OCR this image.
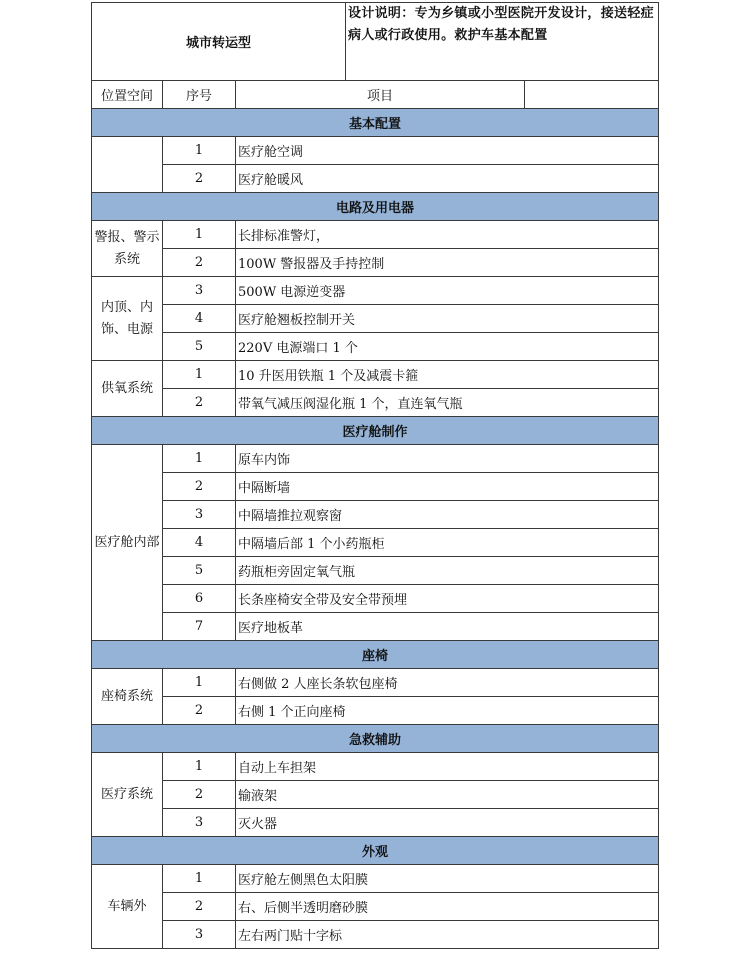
城市转运型			设计说明：专为乡镇或小型医院开发设计，接送轻症病人或行政使用。救护车基本配置	
位置空间	序号	项目		
基本配置				
	1	医疗舱空调		
	2	医疗舱暖风		
电路及用电器				
警报、警示系统	1	长排标准警灯，		
	2	100W 警报器及手持控制		
内顶、内饰、电源	3	500W 电源逆变器		
	4	医疗舱翘板控制开关		
	5	220V 电源端口 1 个		
供氧系统	1	10 升医用铁瓶 1 个及减震卡箍		
	2	带氧气减压阀湿化瓶 1 个，直连氧气瓶		
医疗舱制作				
医疗舱内部	1	原车内饰		
	2	中隔断墙		
	3	中隔墙推拉观察窗		
	4	中隔墙后部 1 个小药瓶柜		
	5	药瓶柜旁固定氧气瓶		
	6	长条座椅安全带及安全带预埋		
	7	医疗地板革		
座椅				
座椅系统	1	右侧做 2 人座长条软包座椅		
	2	右侧 1 个正向座椅		
急救辅助				
医疗系统	1	自动上车担架		
	2	输液架		
	3	灭火器		
外观				
车辆外	1	医疗舱左侧黑色太阳膜		
	2	右、后侧半透明磨砂膜		
	3	左右两门贴十字标		
